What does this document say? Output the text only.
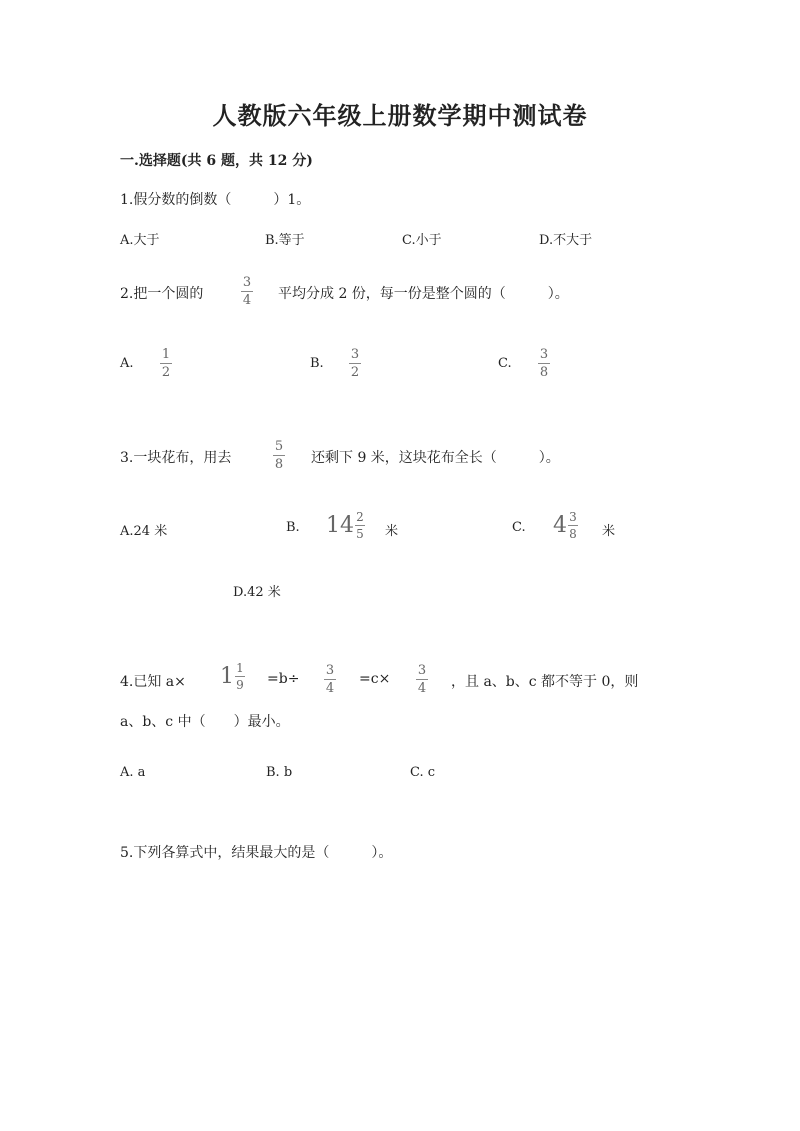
人教版六年级上册数学期中测试卷
一.选择题(共 6 题，共 12 分)
1.假分数的倒数（　　　）1。
A.大于	B.等于	C.小于	D.不大于
2.把一个圆的
3
4 平均分成 2 份，每一份是整个圆的（　　　）。
A.
1
2
B.
3
2
C.
3
8
3.一块花布，用去
5
8 还剩下 9 米，这块花布全长（　　　）。
A.24 米	B. $14 \frac{2}{5}$ 米	C. $4 \frac{3}{8}$ 米
D.42 米
4.已知 $a\times 1 \frac{1}{9} =b\div$
3
4
=c×
3
4 ，且 a、b、c 都不等于 0，则
a、b、c 中（　　）最小。
A. a	B. b	C. c
5.下列各算式中，结果最大的是（　　　）。
